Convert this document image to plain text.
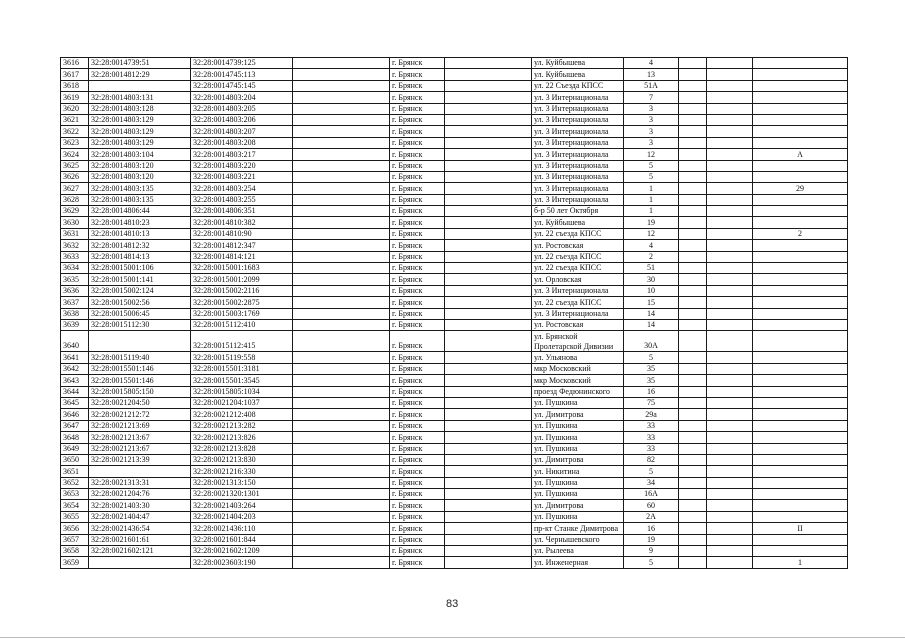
3616	32:28:0014739:51	32:28:0014739:125		г. Брянск		ул. Куйбышева	4			
3617	32:28:0014812:29	32:28:0014745:113		г. Брянск		ул. Куйбышева	13			
3618		32:28:0014745:145		г. Брянск		ул. 22 Съезда КПСС	51А			
3619	32:28:0014803:131	32:28:0014803:204		г. Брянск		ул. 3 Интернационала	7			
3620	32:28:0014803:128	32:28:0014803:205		г. Брянск		ул. 3 Интернационала	3			
3621	32:28:0014803:129	32:28:0014803:206		г. Брянск		ул. 3 Интернационала	3			
3622	32:28:0014803:129	32:28:0014803:207		г. Брянск		ул. 3 Интернационала	3			
3623	32:28:0014803:129	32:28:0014803:208		г. Брянск		ул. 3 Интернационала	3			
3624	32:28:0014803:104	32:28:0014803:217		г. Брянск		ул. 3 Интернационала	12			А
3625	32:28:0014803:120	32:28:0014803:220		г. Брянск		ул. 3 Интернационала	5			
3626	32:28:0014803:120	32:28:0014803:221		г. Брянск		ул. 3 Интернационала	5			
3627	32:28:0014803:135	32:28:0014803:254		г. Брянск		ул. 3 Интернационала	1			29
3628	32:28:0014803:135	32:28:0014803:255		г. Брянск		ул. 3 Интернационала	1			
3629	32:28:0014806:44	32:28:0014806:351		г. Брянск		б-р 50 лет Октября	1			
3630	32:28:0014810:23	32:28:0014810:382		г. Брянск		ул. Куйбышева	19			
3631	32:28:0014810:13	32:28:0014810:90		г. Брянск		ул. 22 съезда КПСС	12			2
3632	32:28:0014812:32	32:28:0014812:347		г. Брянск		ул. Ростовская	4			
3633	32:28:0014814:13	32:28:0014814:121		г. Брянск		ул. 22 съезда КПСС	2			
3634	32:28:0015001:106	32:28:0015001:1683		г. Брянск		ул. 22 съезда КПСС	51			
3635	32:28:0015001:141	32:28:0015001:2099		г. Брянск		ул. Орловская	30			
3636	32:28:0015002:124	32:28:0015002:2116		г. Брянск		ул. 3 Интернационала	10			
3637	32:28:0015002:56	32:28:0015002:2875		г. Брянск		ул. 22 съезда КПСС	15			
3638	32:28:0015006:45	32:28:0015003:1769		г. Брянск		ул. 3 Интернационала	14			
3639	32:28:0015112:30	32:28:0015112:410		г. Брянск		ул. Ростовская	14			
3640		32:28:0015112:415		г. Брянск		ул. Брянской Пролетарской Дивизии	30А			
3641	32:28:0015119:40	32:28:0015119:558		г. Брянск		ул. Ульянова	5			
3642	32:28:0015501:146	32:28:0015501:3181		г. Брянск		мкр Московский	35			
3643	32:28:0015501:146	32:28:0015501:3545		г. Брянск		мкр Московский	35			
3644	32:28:0015805:150	32:28:0015805:1034		г. Брянск		проезд Федюнинского	16			
3645	32:28:0021204:50	32:28:0021204:1037		г. Брянск		ул. Пушкина	75			
3646	32:28:0021212:72	32:28:0021212:408		г. Брянск		ул. Димитрова	29а			
3647	32:28:0021213:69	32:28:0021213:282		г. Брянск		ул. Пушкина	33			
3648	32:28:0021213:67	32:28:0021213:826		г. Брянск		ул. Пушкина	33			
3649	32:28:0021213:67	32:28:0021213:828		г. Брянск		ул. Пушкина	33			
3650	32:28:0021213:39	32:28:0021213:830		г. Брянск		ул. Димитрова	82			
3651		32:28:0021216:330		г. Брянск		ул. Никитина	5			
3652	32:28:0021313:31	32:28:0021313:150		г. Брянск		ул. Пушкина	34			
3653	32:28:0021204:76	32:28:0021320:1301		г. Брянск		ул. Пушкина	16А			
3654	32:28:0021403:30	32:28:0021403:264		г. Брянск		ул. Димитрова	60			
3655	32:28:0021404:47	32:28:0021404:203		г. Брянск		ул. Пушкина	2А			
3656	32:28:0021436:54	32:28:0021436:110		г. Брянск		пр-кт Станке Димитрова	16			II
3657	32:28:0021601:61	32:28:0021601:844		г. Брянск		ул. Чернышевского	19			
3658	32:28:0021602:121	32:28:0021602:1209		г. Брянск		ул. Рылеева	9			
3659		32:28:0023603:190		г. Брянск		ул. Инженерная	5			1
83
